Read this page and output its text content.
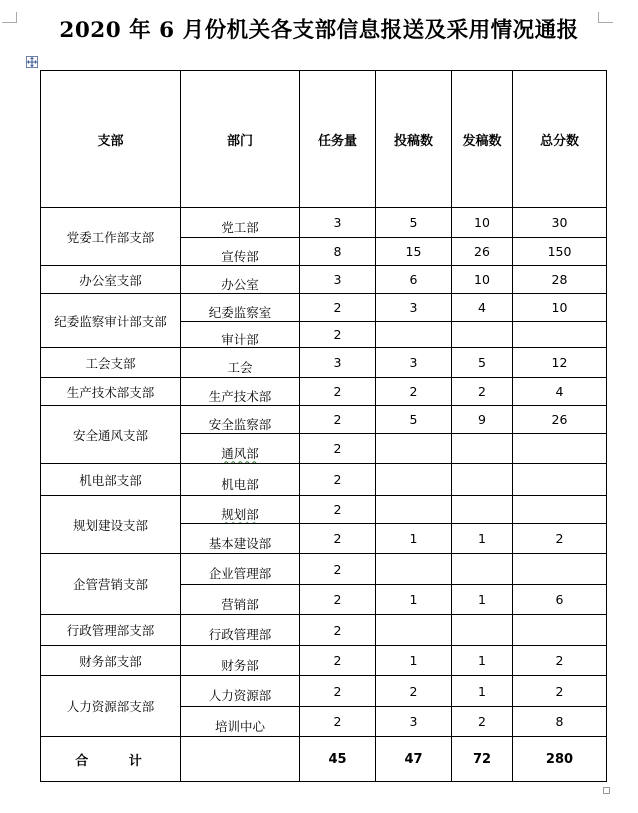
2020 年 6 月份机关各支部信息报送及采用情况通报
支部	部门	任务量	投稿数	发稿数	总分数
党委工作部支部	党工部	3	5	10	30
	宣传部	8	15	26	150
办公室支部	办公室	3	6	10	28
纪委监察审计部支部	纪委监察室	2	3	4	10
	审计部	2			
工会支部	工会	3	3	5	12
生产技术部支部	生产技术部	2	2	2	4
安全通风支部	安全监察部	2	5	9	26
	通风部	2			
机电部支部	机电部	2			
规划建设支部	规划部	2			
	基本建设部	2	1	1	2
企管营销支部	企业管理部	2			
	营销部	2	1	1	6
行政管理部支部	行政管理部	2			
财务部支部	财务部	2	1	1	2
人力资源部支部	人力资源部	2	2	1	2
	培训中心	2	3	2	8
合 计		45	47	72	280
